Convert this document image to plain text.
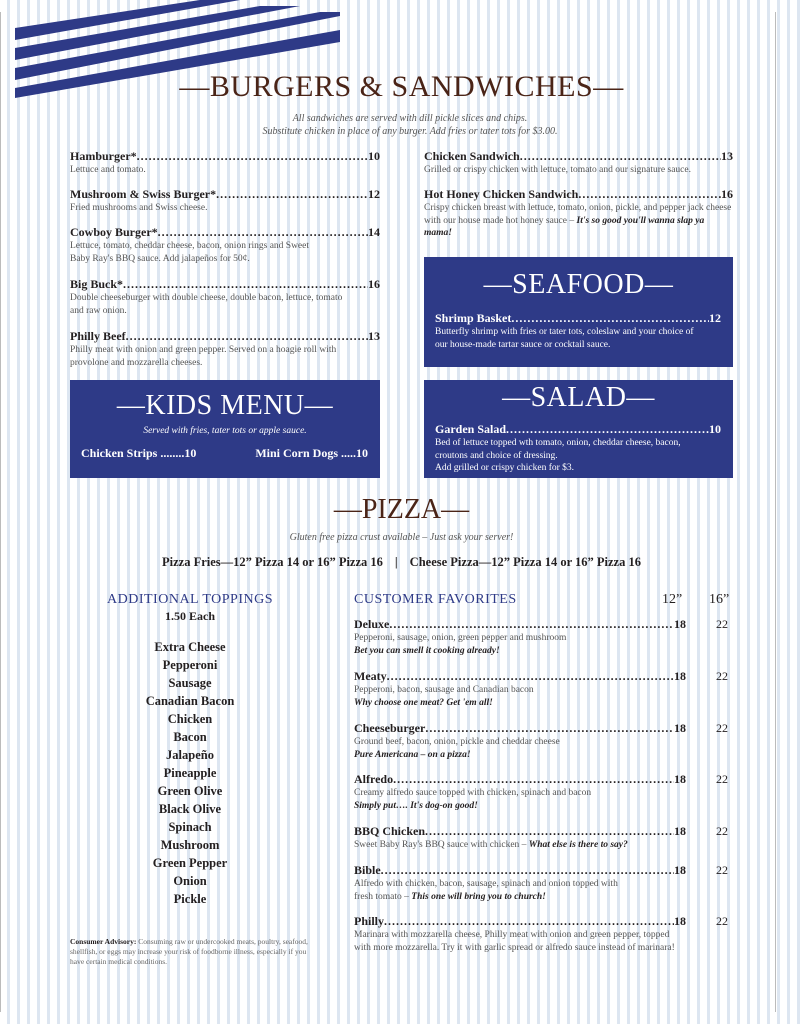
—BURGERS & SANDWICHES—
All sandwiches are served with dill pickle slices and chips.
Substitute chicken in place of any burger. Add fries or tater tots for $3.00.
Hamburger* .....	10
Lettuce and tomato.
Mushroom & Swiss Burger* .....	12
Fried mushrooms and Swiss cheese.
Cowboy Burger* .....	14
Lettuce, tomato, cheddar cheese, bacon, onion rings and Sweet Baby Ray's BBQ sauce. Add jalapeños for 50¢.
Big Buck* .....	16
Double cheeseburger with double cheese, double bacon, lettuce, tomato and raw onion.
Philly Beef .....	13
Philly meat with onion and green pepper. Served on a hoagie roll with provolone and mozzarella cheeses.
Chicken Sandwich .....	13
Grilled or crispy chicken with lettuce, tomato and our signature sauce.
Hot Honey Chicken Sandwich .....	16
Crispy chicken breast with lettuce, tomato, onion, pickle, and pepper jack cheese with our house made hot honey sauce – It's so good you'll wanna slap ya mama!
—SEAFOOD—
Shrimp Basket .....	12
Butterfly shrimp with fries or tater tots, coleslaw and your choice of our house-made tartar sauce or cocktail sauce.
—KIDS MENU—
Served with fries, tater tots or apple sauce.
Chicken Strips ........10	Mini Corn Dogs .....10
—SALAD—
Garden Salad .....	10
Bed of lettuce topped wth tomato, onion, cheddar cheese, bacon, croutons and choice of dressing.
Add grilled or crispy chicken for $3.
—PIZZA—
Gluten free pizza crust available – Just ask your server!
Pizza Fries—12” Pizza 14 or 16” Pizza 16 | Cheese Pizza—12” Pizza 14 or 16” Pizza 16
ADDITIONAL TOPPINGS
1.50 Each
Extra Cheese
Pepperoni
Sausage
Canadian Bacon
Chicken
Bacon
Jalapeño
Pineapple
Green Olive
Black Olive
Spinach
Mushroom
Green Pepper
Onion
Pickle
CUSTOMER FAVORITES	12” 16”
Deluxe .....	18	22
Pepperoni, sausage, onion, green pepper and mushroom
Bet you can smell it cooking already!
Meaty .....	18	22
Pepperoni, bacon, sausage and Canadian bacon
Why choose one meat? Get 'em all!
Cheeseburger .....	18	22
Ground beef, bacon, onion, pickle and cheddar cheese
Pure Americana – on a pizza!
Alfredo .....	18	22
Creamy alfredo sauce topped with chicken, spinach and bacon
Simply put…. It's dog-on good!
BBQ Chicken .....	18	22
Sweet Baby Ray's BBQ sauce with chicken – What else is there to say?
Bible .....	18	22
Alfredo with chicken, bacon, sausage, spinach and onion topped with fresh tomato – This one will bring you to church!
Philly .....	18	22
Marinara with mozzarella cheese, Philly meat with onion and green pepper, topped with more mozzarella. Try it with garlic spread or alfredo sauce instead of marinara!
Consumer Advisory: Consuming raw or undercooked meats, poultry, seafood, shellfish, or eggs may increase your risk of foodborne illness, especially if you have certain medical conditions.
